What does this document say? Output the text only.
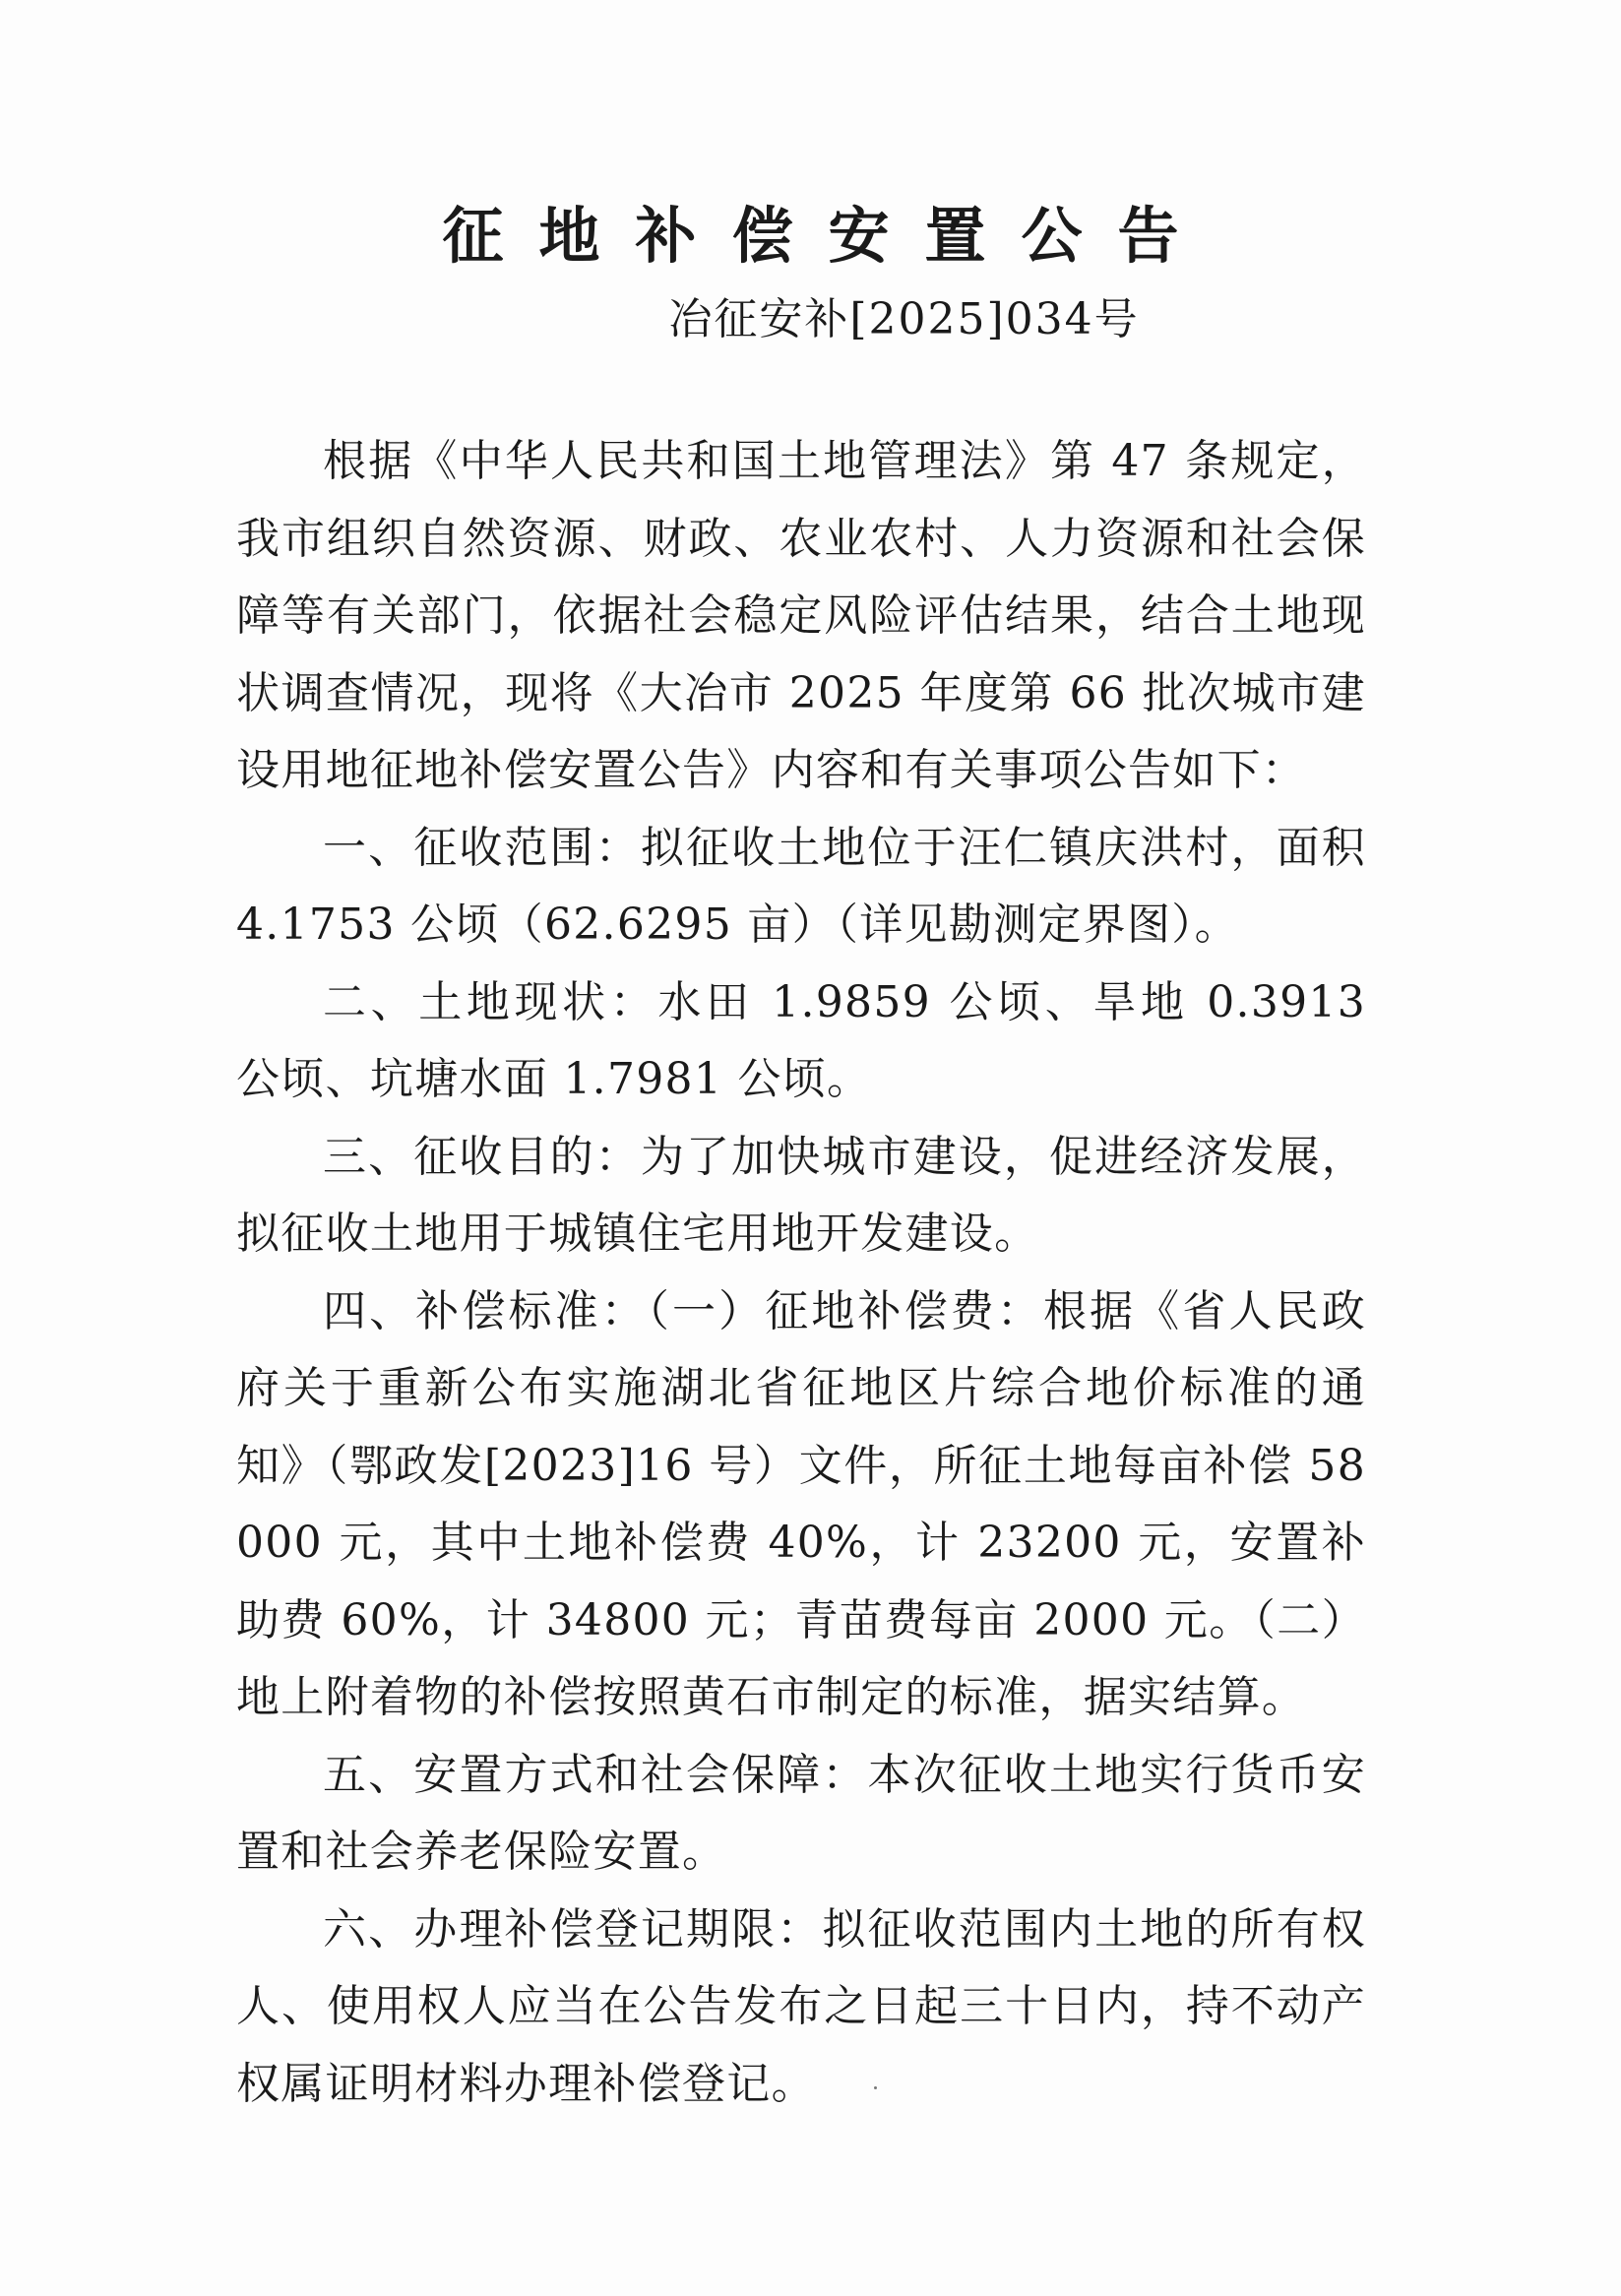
征地补偿安置公告
冶征安补[2025]034号

根据《中华人民共和国土地管理法》第 47 条规定，我市组织自然资源、财政、农业农村、人力资源和社会保障等有关部门，依据社会稳定风险评估结果，结合土地现状调查情况，现将《大冶市 2025 年度第 66 批次城市建设用地征地补偿安置公告》内容和有关事项公告如下：

一、征收范围：拟征收土地位于汪仁镇庆洪村，面积 4.1753 公顷（62.6295 亩）（详见勘测定界图）。

二、土地现状：水田 1.9859 公顷、旱地 0.3913 公顷、坑塘水面 1.7981 公顷。

三、征收目的：为了加快城市建设，促进经济发展，拟征收土地用于城镇住宅用地开发建设。

四、补偿标准：（一）征地补偿费：根据《省人民政府关于重新公布实施湖北省征地区片综合地价标准的通知》（鄂政发[2023]16 号）文件，所征土地每亩补偿 58000 元，其中土地补偿费 40%，计 23200 元，安置补助费 60%，计 34800 元；青苗费每亩 2000 元。（二）地上附着物的补偿按照黄石市制定的标准，据实结算。

五、安置方式和社会保障：本次征收土地实行货币安置和社会养老保险安置。

六、办理补偿登记期限：拟征收范围内土地的所有权人、使用权人应当在公告发布之日起三十日内，持不动产权属证明材料办理补偿登记。
